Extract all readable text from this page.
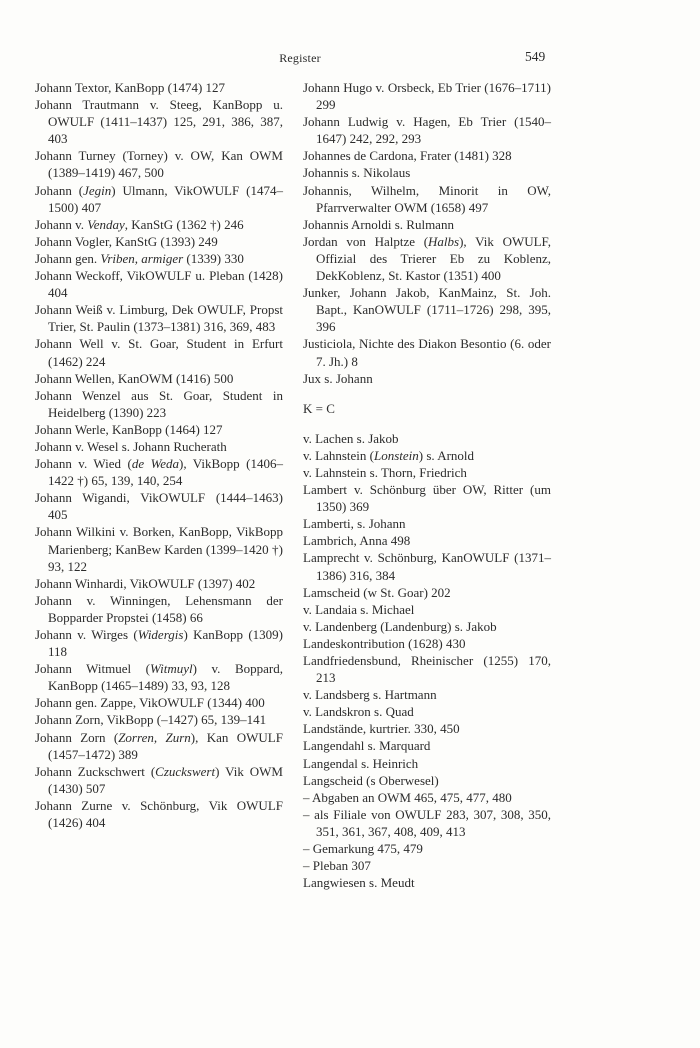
Register	549

Johann Textor, KanBopp (1474) 127

Johann Trautmann v. Steeg, KanBopp u. OWULF (1411–1437) 125, 291, 386, 387, 403

Johann Turney (Torney) v. OW, Kan OWM (1389–1419) 467, 500

Johann (Jegin) Ulmann, VikOWULF (1474–1500) 407

Johann v. Venday, KanStG (1362 †) 246

Johann Vogler, KanStG (1393) 249

Johann gen. Vriben, armiger (1339) 330

Johann Weckoff, VikOWULF u. Pleban (1428) 404

Johann Weiß v. Limburg, Dek OWULF, Propst Trier, St. Paulin (1373–1381) 316, 369, 483

Johann Well v. St. Goar, Student in Erfurt (1462) 224

Johann Wellen, KanOWM (1416) 500

Johann Wenzel aus St. Goar, Student in Heidelberg (1390) 223

Johann Werle, KanBopp (1464) 127

Johann v. Wesel s. Johann Rucherath

Johann v. Wied (de Weda), VikBopp (1406–1422 †) 65, 139, 140, 254

Johann Wigandi, VikOWULF (1444–1463) 405

Johann Wilkini v. Borken, KanBopp, VikBopp Marienberg; KanBew Karden (1399–1420 †) 93, 122

Johann Winhardi, VikOWULF (1397) 402

Johann v. Winningen, Lehensmann der Bopparder Propstei (1458) 66

Johann v. Wirges (Widergis) KanBopp (1309) 118

Johann Witmuel (Witmuyl) v. Boppard, KanBopp (1465–1489) 33, 93, 128

Johann gen. Zappe, VikOWULF (1344) 400

Johann Zorn, VikBopp (–1427) 65, 139–141

Johann Zorn (Zorren, Zurn), Kan OWULF (1457–1472) 389

Johann Zuckschwert (Czuckswert) Vik OWM (1430) 507

Johann Zurne v. Schönburg, Vik OWULF (1426) 404

Johann Hugo v. Orsbeck, Eb Trier (1676–1711) 299

Johann Ludwig v. Hagen, Eb Trier (1540–1647) 242, 292, 293

Johannes de Cardona, Frater (1481) 328

Johannis s. Nikolaus

Johannis, Wilhelm, Minorit in OW, Pfarrverwalter OWM (1658) 497

Johannis Arnoldi s. Rulmann

Jordan von Halptze (Halbs), Vik OWULF, Offizial des Trierer Eb zu Koblenz, DekKoblenz, St. Kastor (1351) 400

Junker, Johann Jakob, KanMainz, St. Joh. Bapt., KanOWULF (1711–1726) 298, 395, 396

Justiciola, Nichte des Diakon Besontio (6. oder 7. Jh.) 8

Jux s. Johann

K = C

v. Lachen s. Jakob

v. Lahnstein (Lonstein) s. Arnold

v. Lahnstein s. Thorn, Friedrich

Lambert v. Schönburg über OW, Ritter (um 1350) 369

Lamberti, s. Johann

Lambrich, Anna 498

Lamprecht v. Schönburg, KanOWULF (1371–1386) 316, 384

Lamscheid (w St. Goar) 202

v. Landaia s. Michael

v. Landenberg (Landenburg) s. Jakob

Landeskontribution (1628) 430

Landfriedensbund, Rheinischer (1255) 170, 213

v. Landsberg s. Hartmann

v. Landskron s. Quad

Landstände, kurtrier. 330, 450

Langendahl s. Marquard

Langendal s. Heinrich

Langscheid (s Oberwesel)

– Abgaben an OWM 465, 475, 477, 480

– als Filiale von OWULF 283, 307, 308, 350, 351, 361, 367, 408, 409, 413

– Gemarkung 475, 479

– Pleban 307

Langwiesen s. Meudt
